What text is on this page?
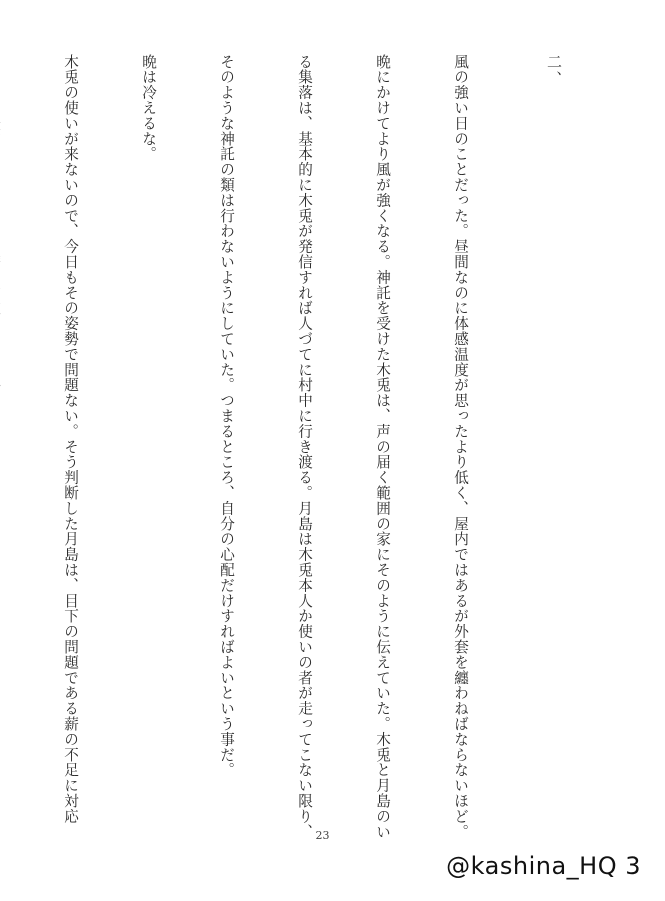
二、

風の強い日のことだった。昼間なのに体感温度が思ったより低く、屋内ではあるが外套を纏わねばならないほど。

晩にかけてより風が強くなる。神託を受けた木兎は、声の届く範囲の家にそのように伝えていた。木兎と月島のい

る集落は、基本的に木兎が発信すれば人づてに村中に行き渡る。月島は木兎本人か使いの者が走ってこない限り、

そのような神託の類は行わないようにしていた。つまるところ、自分の心配だけすればよいという事だ。

晩は冷えるな。

木兎の使いが来ないので、今日もその姿勢で問題ない。そう判断した月島は、目下の問題である薪の不足に対応

23
@kashina_HQ 3
